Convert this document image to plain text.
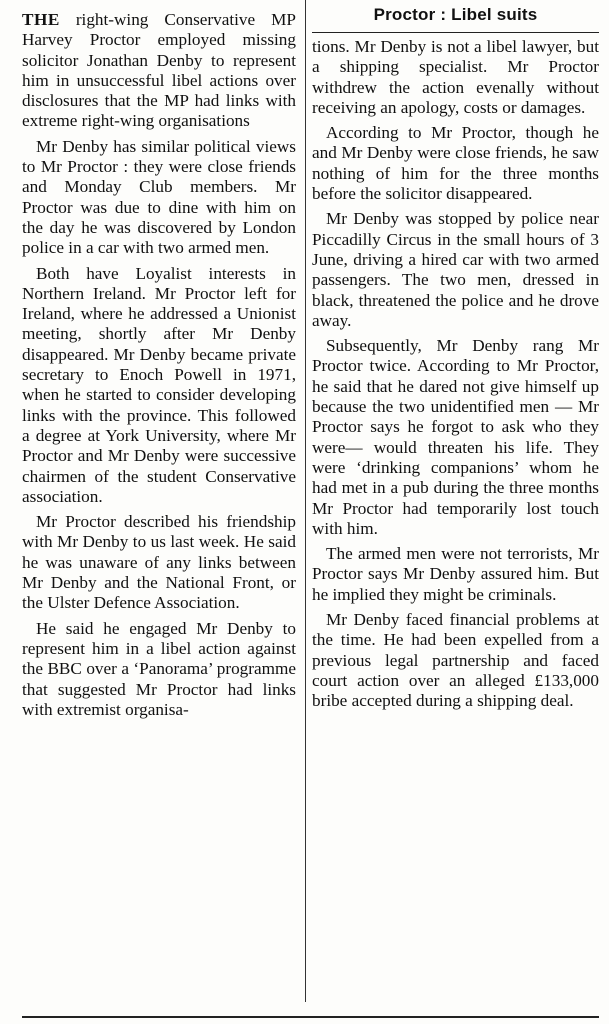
THE right-wing Conservative MP Harvey Proctor employed missing solicitor Jonathan Denby to represent him in unsuccessful libel actions over disclosures that the MP had links with extreme right-wing organisations

Mr Denby has similar political views to Mr Proctor : they were close friends and Monday Club members. Mr Proctor was due to dine with him on the day he was discovered by London police in a car with two armed men.

Both have Loyalist interests in Northern Ireland. Mr Proctor left for Ireland, where he addressed a Unionist meeting, shortly after Mr Denby disappeared. Mr Denby became private secretary to Enoch Powell in 1971, when he started to consider developing links with the province. This followed a degree at York University, where Mr Proctor and Mr Denby were successive chairmen of the student Conservative association.

Mr Proctor described his friendship with Mr Denby to us last week. He said he was unaware of any links between Mr Denby and the National Front, or the Ulster Defence Association.

He said he engaged Mr Denby to represent him in a libel action against the BBC over a ‘Panorama’ programme that suggested Mr Proctor had links with extremist organisa-

Proctor : Libel suits

tions. Mr Denby is not a libel lawyer, but a shipping specialist. Mr Proctor withdrew the action evenally without receiving an apology, costs or damages.

According to Mr Proctor, though he and Mr Denby were close friends, he saw nothing of him for the three months before the solicitor disappeared.

Mr Denby was stopped by police near Piccadilly Circus in the small hours of 3 June, driving a hired car with two armed passengers. The two men, dressed in black, threatened the police and he drove away.

Subsequently, Mr Denby rang Mr Proctor twice. According to Mr Proctor, he said that he dared not give himself up because the two unidentified men — Mr Proctor says he forgot to ask who they were— would threaten his life. They were ‘drinking companions’ whom he had met in a pub during the three months Mr Proctor had temporarily lost touch with him.

The armed men were not terrorists, Mr Proctor says Mr Denby assured him. But he implied they might be criminals.

Mr Denby faced financial problems at the time. He had been expelled from a previous legal partnership and faced court action over an alleged £133,000 bribe accepted during a shipping deal.
